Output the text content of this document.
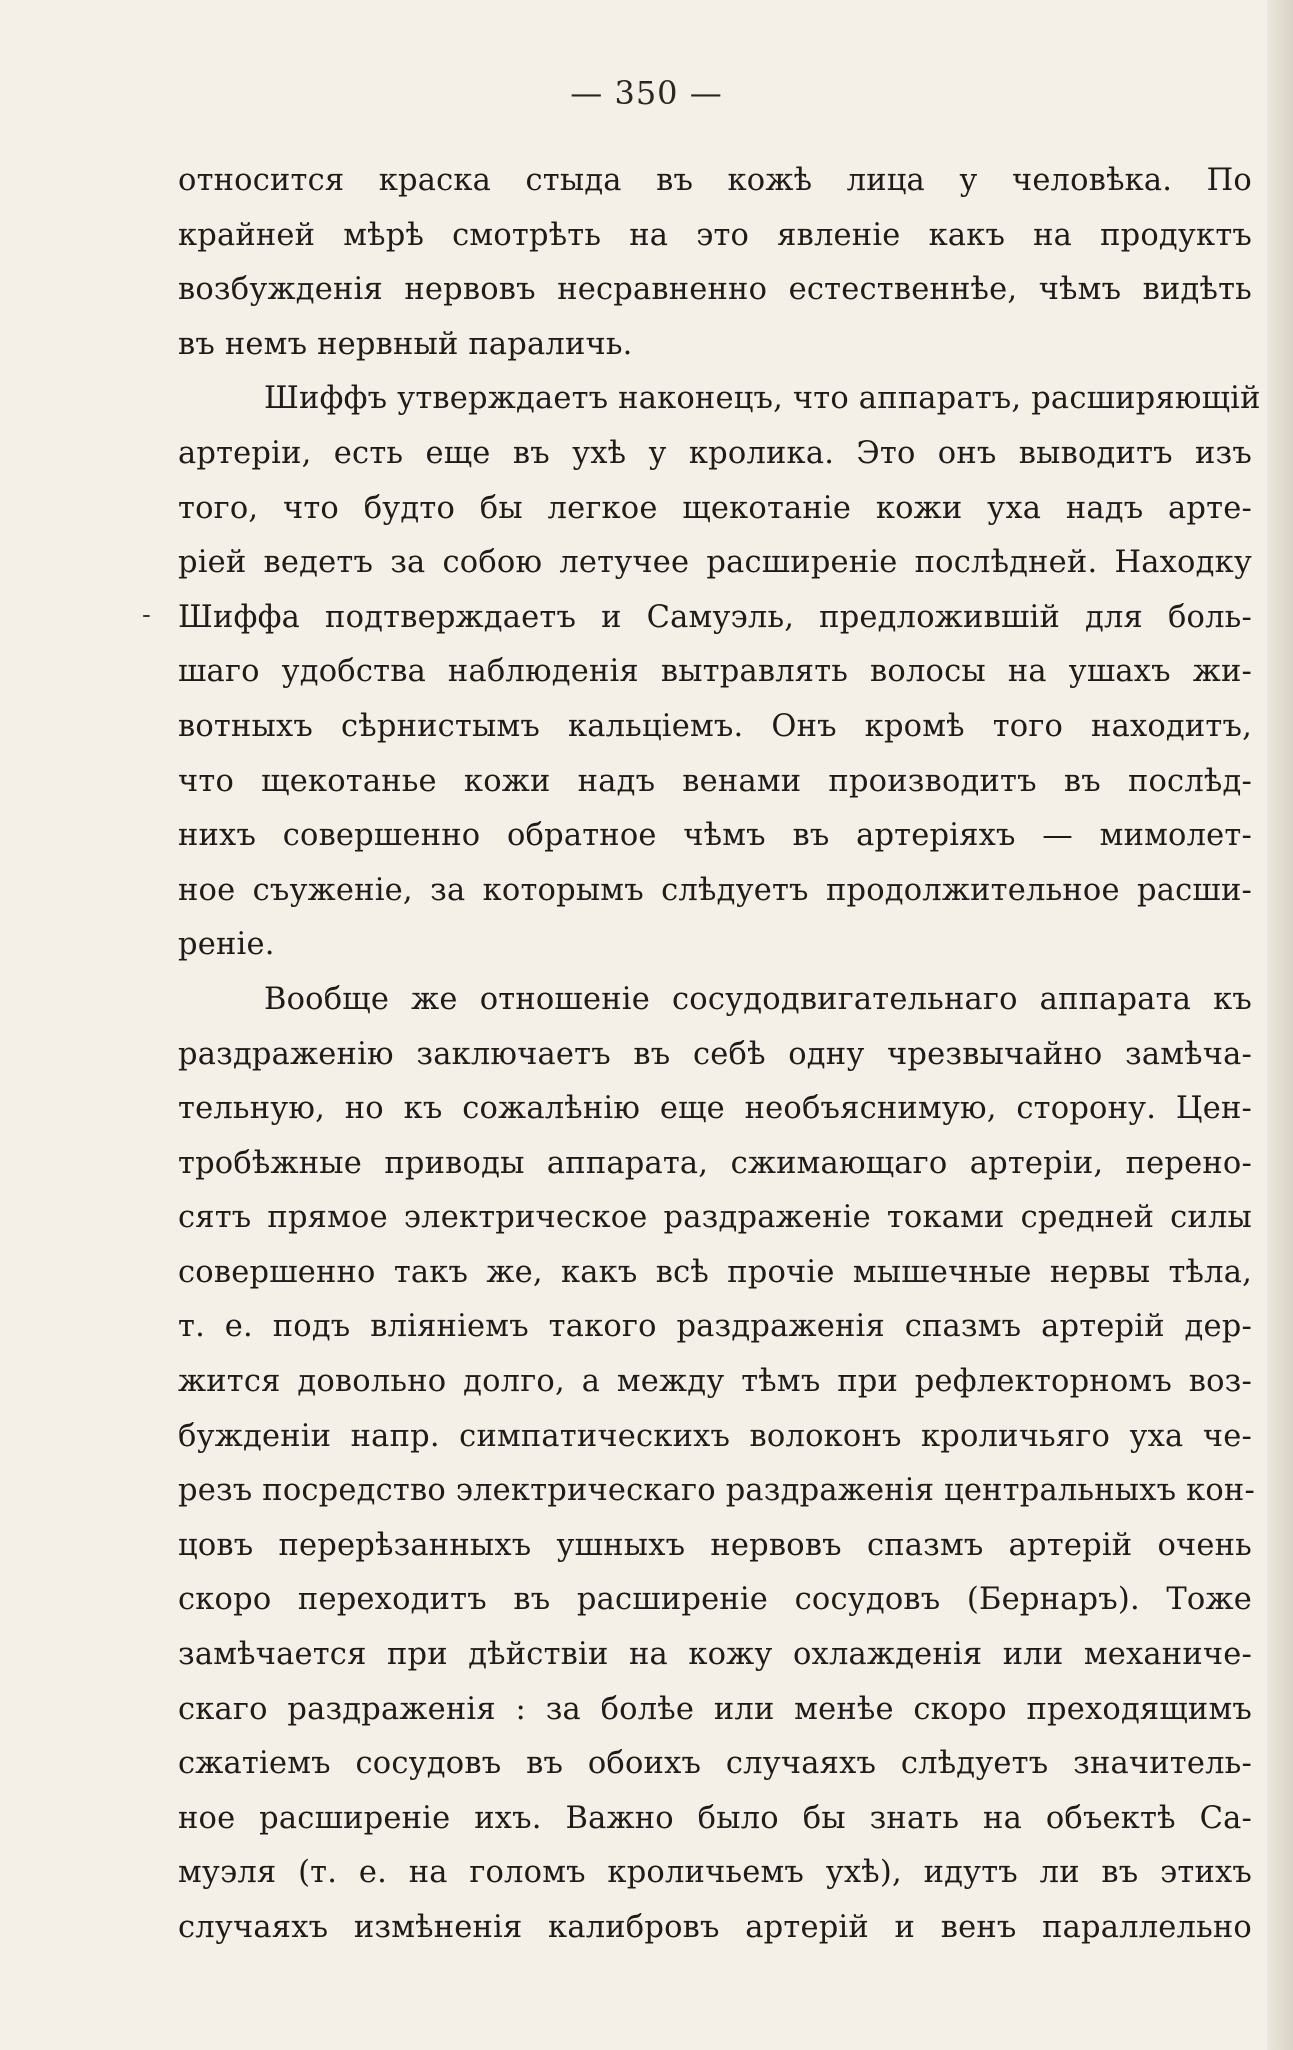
— 350 —
-
относится краска стыда въ кожѣ лица у человѣка. По
крайней мѣрѣ смотрѣть на это явленіе какъ на продуктъ
возбужденія нервовъ несравненно естественнѣе, чѣмъ видѣть
въ немъ нервный параличь.
Шиффъ утверждаетъ наконецъ, что аппаратъ, расширяющій
артеріи, есть еще въ ухѣ у кролика. Это онъ выводитъ изъ
того, что будто бы легкое щекотаніе кожи уха надъ арте-
ріей ведетъ за собою летучее расширеніе послѣдней. Находку
Шиффа подтверждаетъ и Самуэль, предложившій для боль-
шаго удобства наблюденія вытравлять волосы на ушахъ жи-
вотныхъ сѣрнистымъ кальціемъ. Онъ кромѣ того находитъ,
что щекотанье кожи надъ венами производитъ въ послѣд-
нихъ совершенно обратное чѣмъ въ артеріяхъ — мимолет-
ное съуженіе, за которымъ слѣдуетъ продолжительное расши-
реніе.
Вообще же отношеніе сосудодвигательнаго аппарата къ
раздраженію заключаетъ въ себѣ одну чрезвычайно замѣча-
тельную, но къ сожалѣнію еще необъяснимую, сторону. Цен-
тробѣжные приводы аппарата, сжимающаго артеріи, перено-
сятъ прямое электрическое раздраженіе токами средней силы
совершенно такъ же, какъ всѣ прочіе мышечные нервы тѣла,
т. е. подъ вліяніемъ такого раздраженія спазмъ артерій дер-
жится довольно долго, а между тѣмъ при рефлекторномъ воз-
бужденіи напр. симпатическихъ волоконъ кроличьяго уха че-
резъ посредство электрическаго раздраженія центральныхъ кон-
цовъ перерѣзанныхъ ушныхъ нервовъ спазмъ артерій очень
скоро переходитъ въ расширеніе сосудовъ (Бернаръ). Тоже
замѣчается при дѣйствіи на кожу охлажденія или механиче-
скаго раздраженія : за болѣе или менѣе скоро преходящимъ
сжатіемъ сосудовъ въ обоихъ случаяхъ слѣдуетъ значитель-
ное расширеніе ихъ. Важно было бы знать на объектѣ Са-
муэля (т. е. на голомъ кроличьемъ ухѣ), идутъ ли въ этихъ
случаяхъ измѣненія калибровъ артерій и венъ параллельно
